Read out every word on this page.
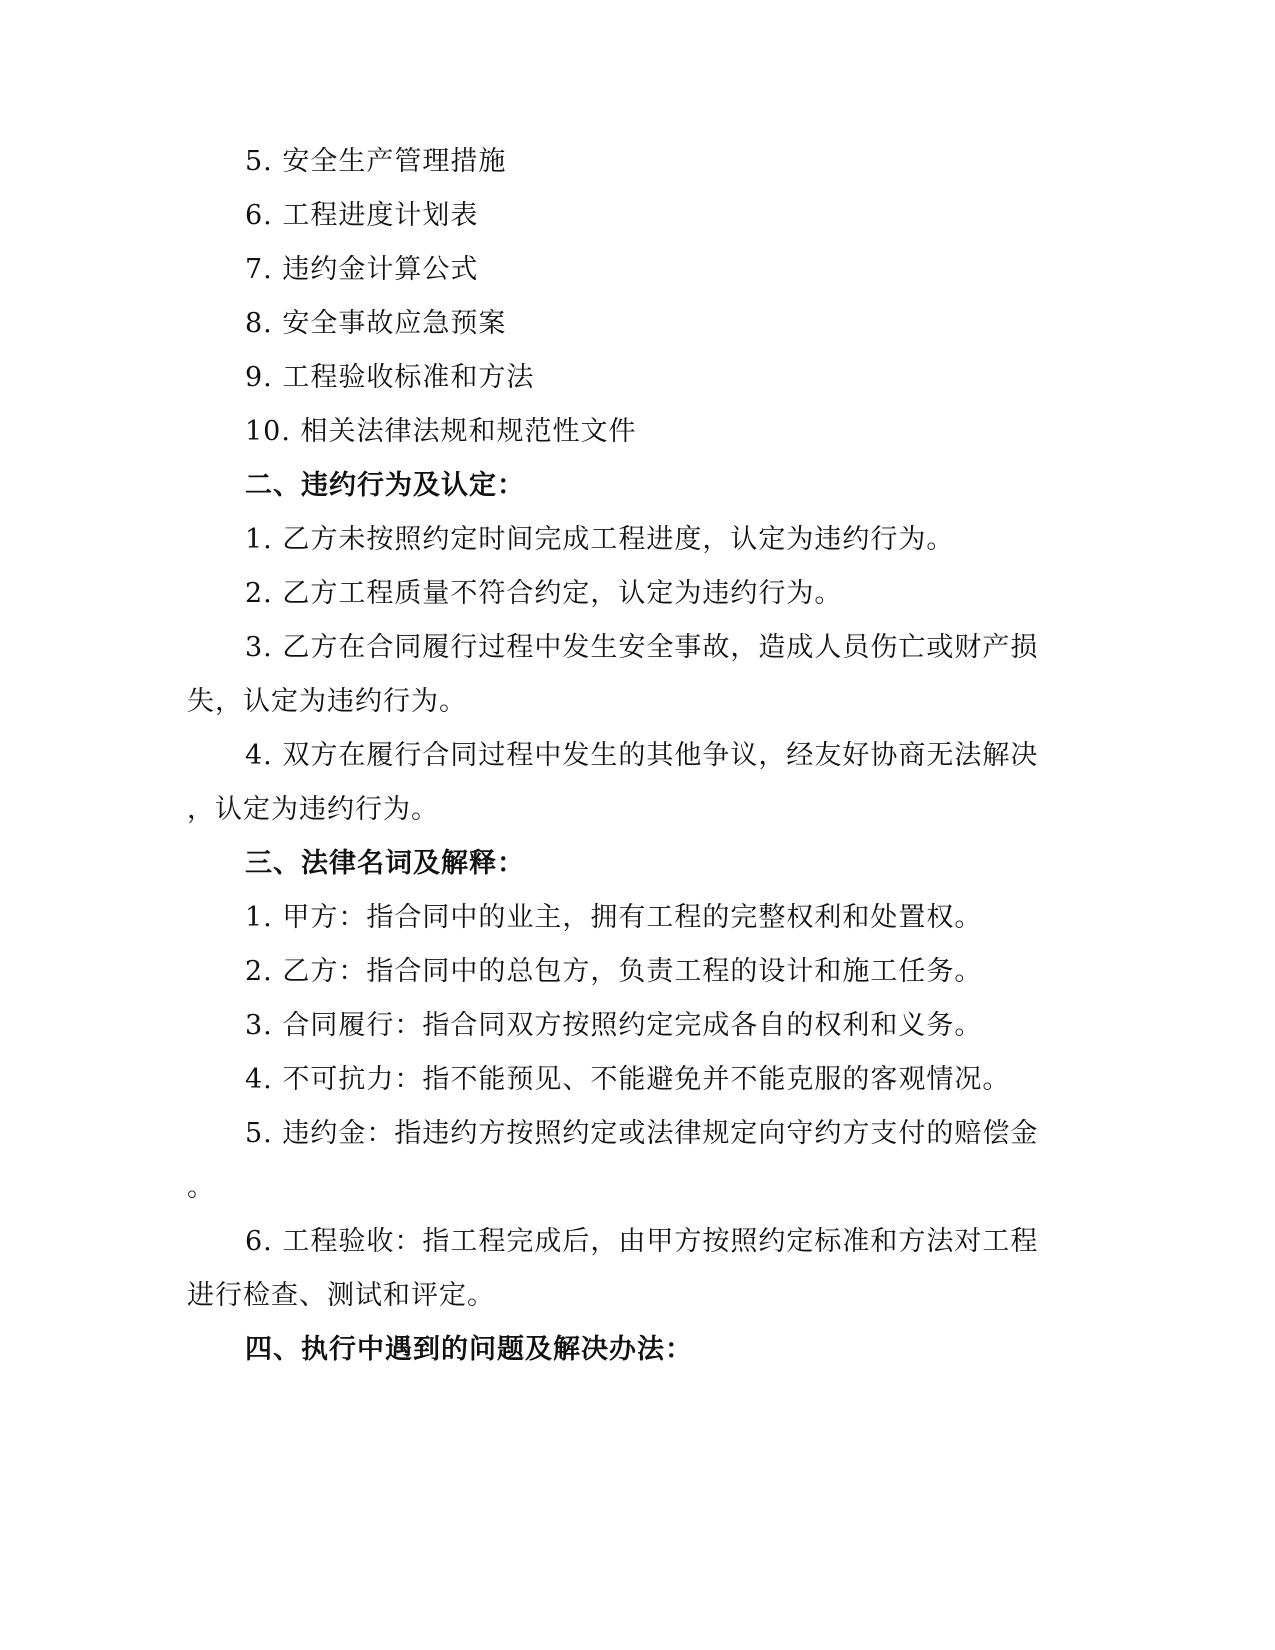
5. 安全生产管理措施
6. 工程进度计划表
7. 违约金计算公式
8. 安全事故应急预案
9. 工程验收标准和方法
10. 相关法律法规和规范性文件
二、违约行为及认定：
1. 乙方未按照约定时间完成工程进度，认定为违约行为。
2. 乙方工程质量不符合约定，认定为违约行为。
3. 乙方在合同履行过程中发生安全事故，造成人员伤亡或财产损
失，认定为违约行为。
4. 双方在履行合同过程中发生的其他争议，经友好协商无法解决
，认定为违约行为。
三、法律名词及解释：
1. 甲方：指合同中的业主，拥有工程的完整权利和处置权。
2. 乙方：指合同中的总包方，负责工程的设计和施工任务。
3. 合同履行：指合同双方按照约定完成各自的权利和义务。
4. 不可抗力：指不能预见、不能避免并不能克服的客观情况。
5. 违约金：指违约方按照约定或法律规定向守约方支付的赔偿金
。
6. 工程验收：指工程完成后，由甲方按照约定标准和方法对工程
进行检查、测试和评定。
四、执行中遇到的问题及解决办法：
